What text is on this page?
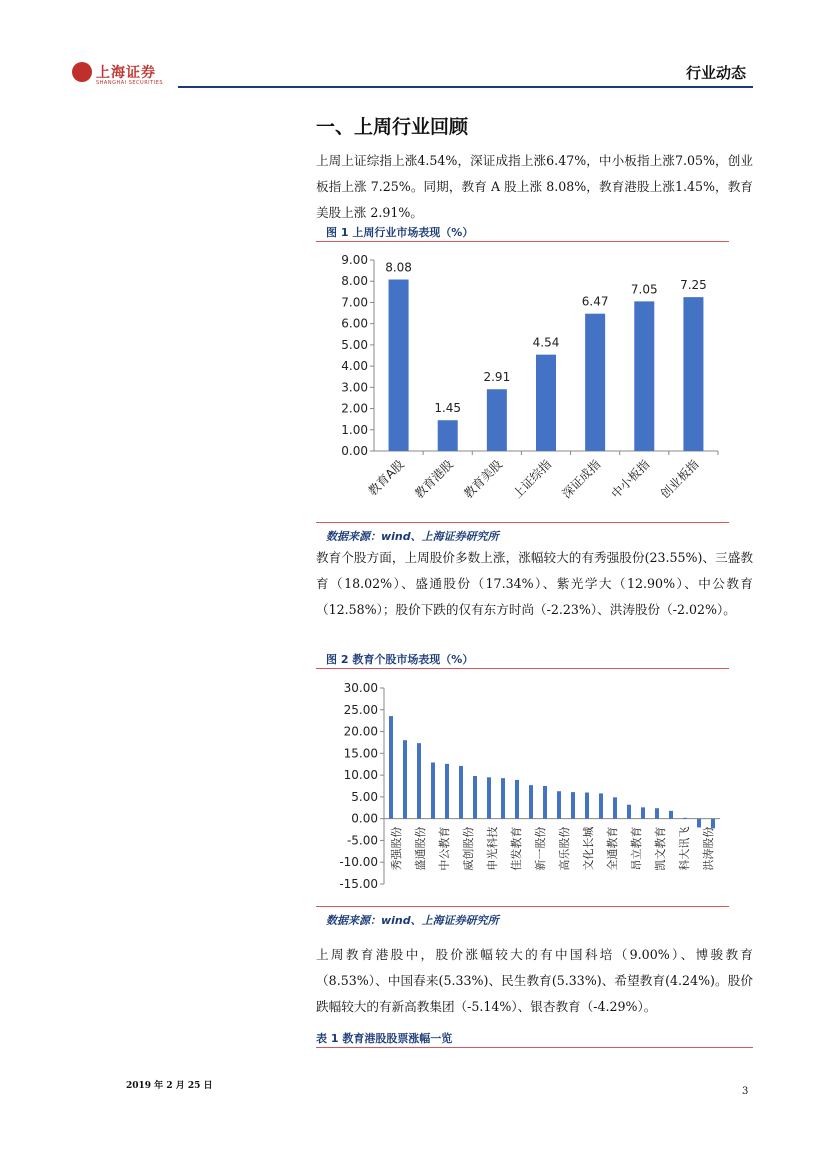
上海证券
SHANGHAI SECURITIES
行业动态
一、上周行业回顾
上周上证综指上涨4.54%，深证成指上涨6.47%，中小板指上涨7.05%，创业板指上涨 7.25%。同期，教育 A 股上涨 8.08%，教育港股上涨1.45%，教育美股上涨 2.91%。
图 1 上周行业市场表现（%）
0.00
1.00
2.00
3.00
4.00
5.00
6.00
7.00
8.00
9.00
8.08
教育A股
1.45
教育港股
2.91
教育美股
4.54
上证综指
6.47
深证成指
7.05
中小板指
7.25
创业板指
数据来源：wind、上海证券研究所
教育个股方面，上周股价多数上涨，涨幅较大的有秀强股份(23.55%)、三盛教育（18.02%）、盛通股份（17.34%）、紫光学大（12.90%）、中公教育（12.58%）；股价下跌的仅有东方时尚（-2.23%）、洪涛股份（-2.02%）。
图 2 教育个股市场表现（%）
-15.00
-10.00
-5.00
0.00
5.00
10.00
15.00
20.00
25.00
30.00
秀强股份 盛通股份 中公教育 威创股份 申光科技 佳发教育 新一股份 高乐股份 文化长城 全通教育 昂立教育 凯文教育 科大讯飞 洪涛股份
数据来源：wind、上海证券研究所
上周教育港股中，股价涨幅较大的有中国科培（9.00%）、博骏教育（8.53%）、中国春来(5.33%)、民生教育(5.33%)、希望教育(4.24%)。股价跌幅较大的有新高教集团（-5.14%）、银杏教育（-4.29%）。
表 1 教育港股股票涨幅一览
2019 年 2 月 25 日	3
